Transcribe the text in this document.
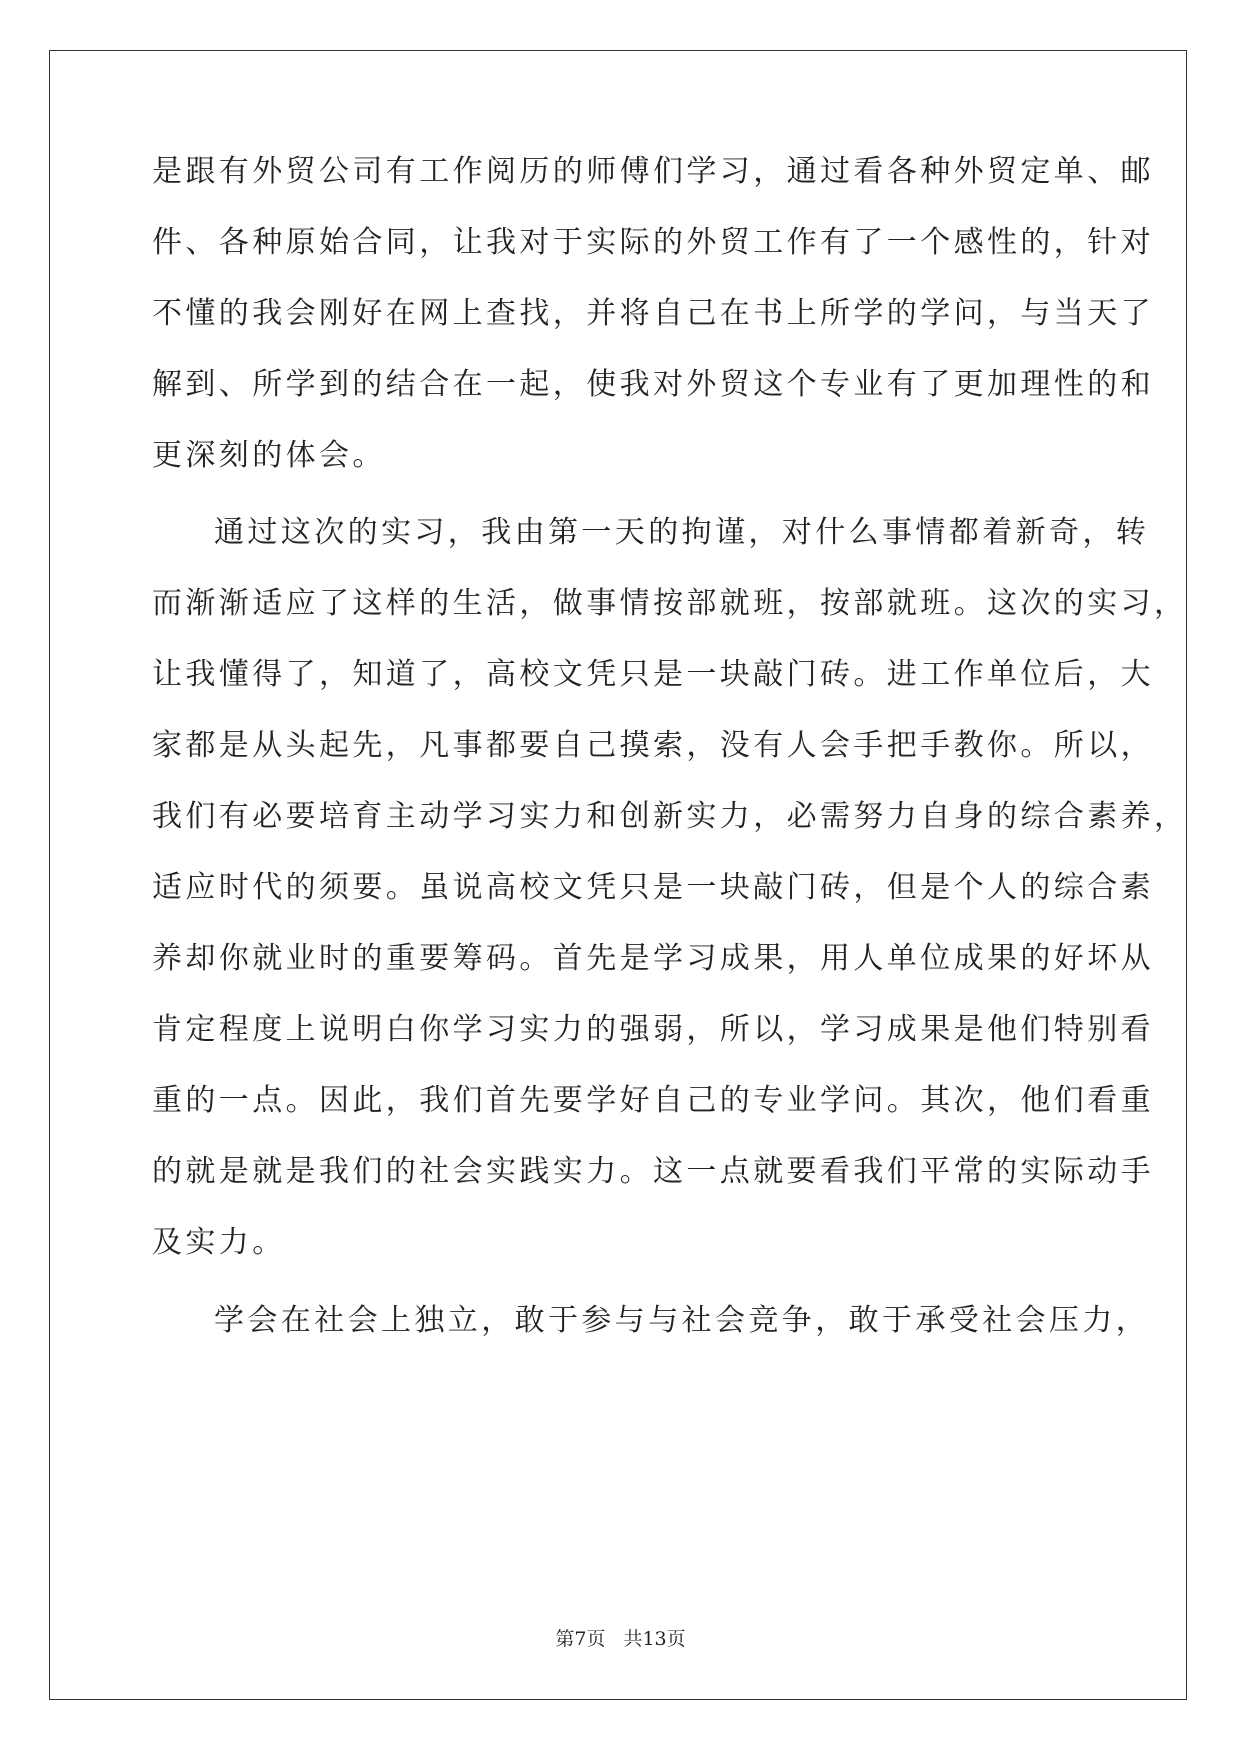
是跟有外贸公司有工作阅历的师傅们学习，通过看各种外贸定单、邮
件、各种原始合同，让我对于实际的外贸工作有了一个感性的，针对
不懂的我会刚好在网上查找，并将自己在书上所学的学问，与当天了
解到、所学到的结合在一起，使我对外贸这个专业有了更加理性的和
更深刻的体会。
通过这次的实习，我由第一天的拘谨，对什么事情都着新奇，转
而渐渐适应了这样的生活，做事情按部就班，按部就班。这次的实习，
让我懂得了，知道了，高校文凭只是一块敲门砖。进工作单位后，大
家都是从头起先，凡事都要自己摸索，没有人会手把手教你。所以，
我们有必要培育主动学习实力和创新实力，必需努力自身的综合素养，
适应时代的须要。虽说高校文凭只是一块敲门砖，但是个人的综合素
养却你就业时的重要筹码。首先是学习成果，用人单位成果的好坏从
肯定程度上说明白你学习实力的强弱，所以，学习成果是他们特别看
重的一点。因此，我们首先要学好自己的专业学问。其次，他们看重
的就是就是我们的社会实践实力。这一点就要看我们平常的实际动手
及实力。
学会在社会上独立，敢于参与与社会竞争，敢于承受社会压力，
第7页 共13页
